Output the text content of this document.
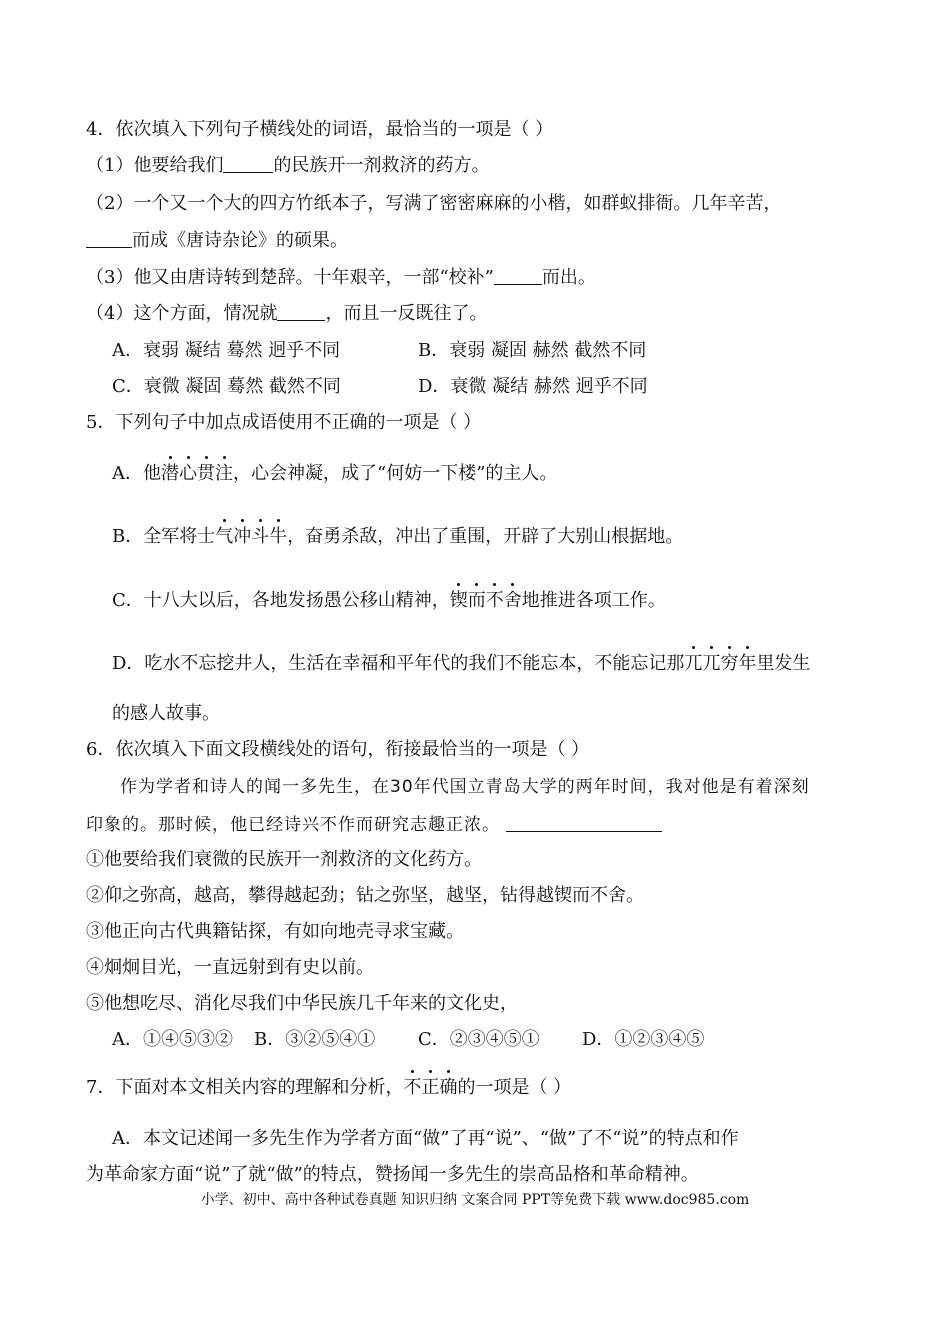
4．依次填入下列句子横线处的词语，最恰当的一项是（ ）
（1）他要给我们	的民族开一剂救济的药方。
（2）一个又一个大的四方竹纸本子，写满了密密麻麻的小楷，如群蚁排衙。几年辛苦，
而成《唐诗杂论》的硕果。
（3）他又由唐诗转到楚辞。十年艰辛，一部“校补”	而出。
（4）这个方面，情况就	，而且一反既往了。
A．衰弱 凝结 蓦然 迥乎不同	B．衰弱 凝固 赫然 截然不同
C．衰微 凝固 蓦然 截然不同	D．衰微 凝结 赫然 迥乎不同
5．下列句子中加点成语使用不正确的一项是（ ）
A．他潜心贯注，心会神凝，成了“何妨一下楼”的主人。
B．全军将士气冲斗牛，奋勇杀敌，冲出了重围，开辟了大别山根据地。
C．十八大以后，各地发扬愚公移山精神，锲而不舍地推进各项工作。
D．吃水不忘挖井人，生活在幸福和平年代的我们不能忘本，不能忘记那兀兀穷年里发生
的感人故事。
6．依次填入下面文段横线处的语句，衔接最恰当的一项是（ ）
作为学者和诗人的闻一多先生，在30年代国立青岛大学的两年时间，我对他是有着深刻
印象的。那时候，他已经诗兴不作而研究志趣正浓。
①他要给我们衰微的民族开一剂救济的文化药方。
②仰之弥高，越高，攀得越起劲；钻之弥坚，越坚，钻得越锲而不舍。
③他正向古代典籍钻探，有如向地壳寻求宝藏。
④炯炯目光，一直远射到有史以前。
⑤他想吃尽、消化尽我们中华民族几千年来的文化史，
A．①④⑤③② B．③②⑤④① C．②③④⑤① D．①②③④⑤
7．下面对本文相关内容的理解和分析，不正确的一项是（ ）
A．本文记述闻一多先生作为学者方面“做”了再“说”、“做”了不“说”的特点和作
为革命家方面“说”了就“做”的特点，赞扬闻一多先生的崇高品格和革命精神。
小学、初中、高中各种试卷真题 知识归纳 文案合同 PPT等免费下载 www.doc985.com
